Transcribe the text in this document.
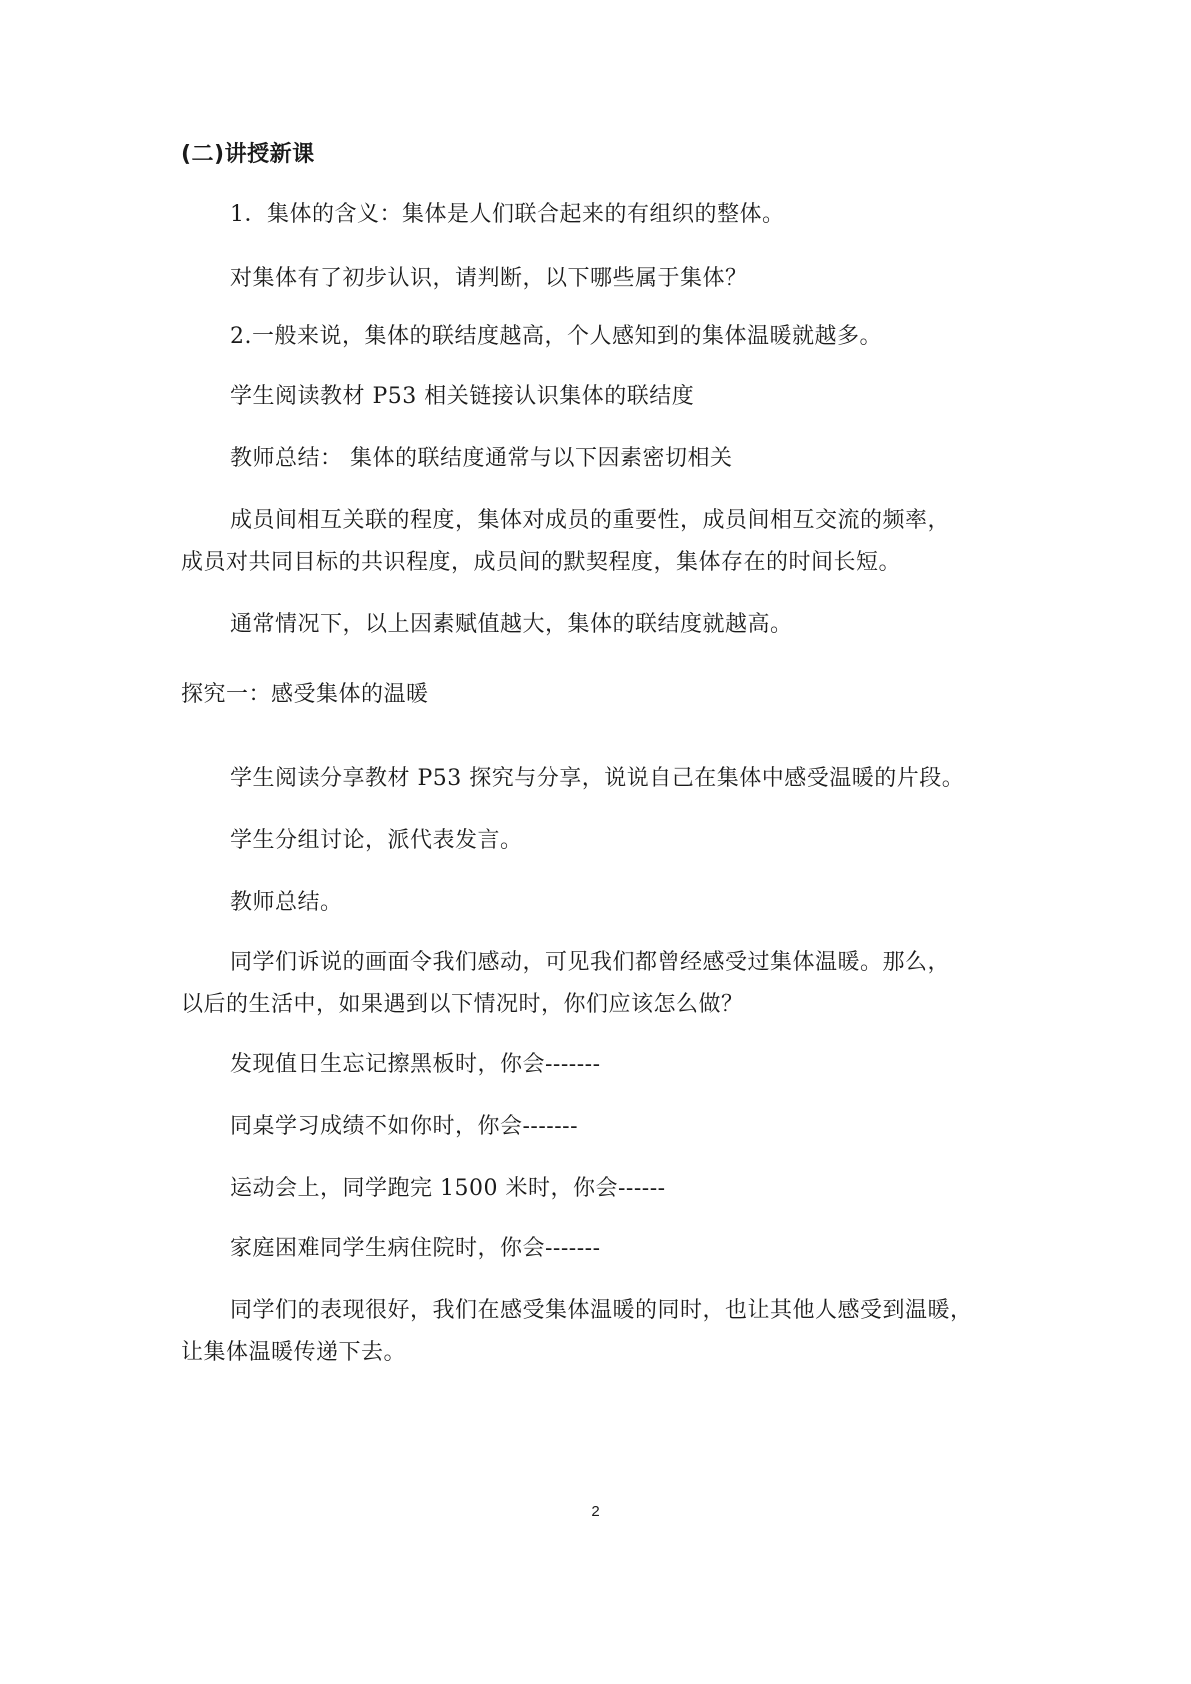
(二)讲授新课
1．集体的含义：集体是人们联合起来的有组织的整体。
对集体有了初步认识，请判断，以下哪些属于集体？
2.一般来说，集体的联结度越高，个人感知到的集体温暖就越多。
学生阅读教材 P53 相关链接认识集体的联结度
教师总结： 集体的联结度通常与以下因素密切相关
成员间相互关联的程度，集体对成员的重要性，成员间相互交流的频率，
成员对共同目标的共识程度，成员间的默契程度，集体存在的时间长短。
通常情况下，以上因素赋值越大，集体的联结度就越高。
探究一：感受集体的温暖
学生阅读分享教材 P53 探究与分享，说说自己在集体中感受温暖的片段。
学生分组讨论，派代表发言。
教师总结。
同学们诉说的画面令我们感动，可见我们都曾经感受过集体温暖。那么，
以后的生活中，如果遇到以下情况时，你们应该怎么做？
发现值日生忘记擦黑板时，你会-------
同桌学习成绩不如你时，你会-------
运动会上，同学跑完 1500 米时，你会------
家庭困难同学生病住院时，你会-------
同学们的表现很好，我们在感受集体温暖的同时，也让其他人感受到温暖，
让集体温暖传递下去。
2
